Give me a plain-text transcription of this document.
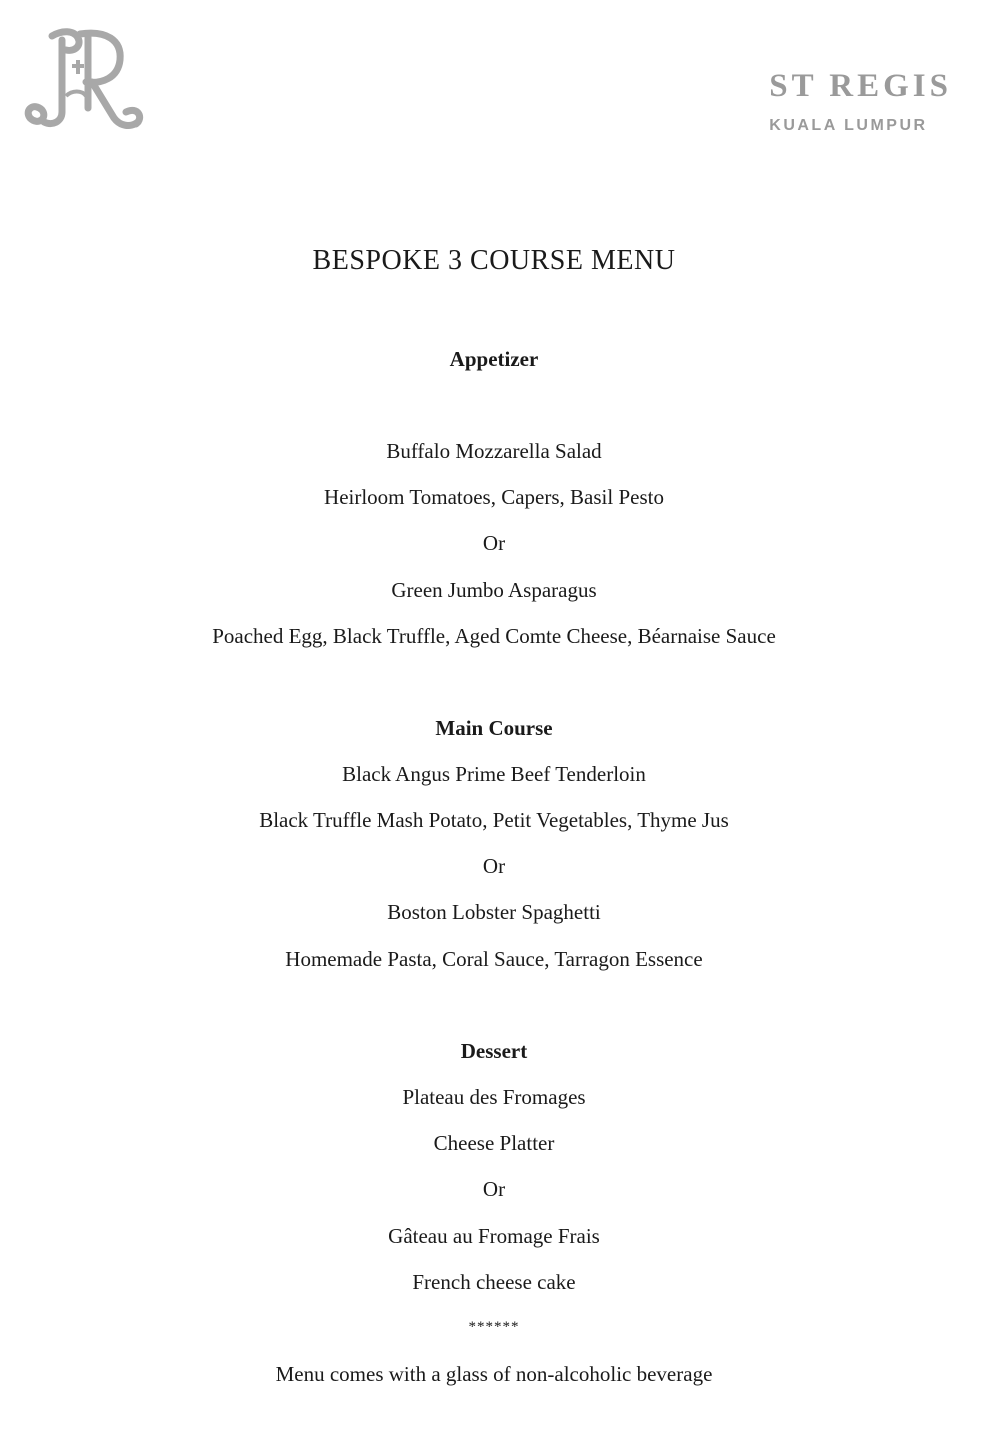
ST REGIS
KUALA LUMPUR
BESPOKE 3 COURSE MENU
Appetizer
Buffalo Mozzarella Salad
Heirloom Tomatoes, Capers, Basil Pesto
Or
Green Jumbo Asparagus
Poached Egg, Black Truffle, Aged Comte Cheese, Béarnaise Sauce
Main Course
Black Angus Prime Beef Tenderloin
Black Truffle Mash Potato, Petit Vegetables, Thyme Jus
Or
Boston Lobster Spaghetti
Homemade Pasta, Coral Sauce, Tarragon Essence
Dessert
Plateau des Fromages
Cheese Platter
Or
Gâteau au Fromage Frais
French cheese cake
******
Menu comes with a glass of non-alcoholic beverage
